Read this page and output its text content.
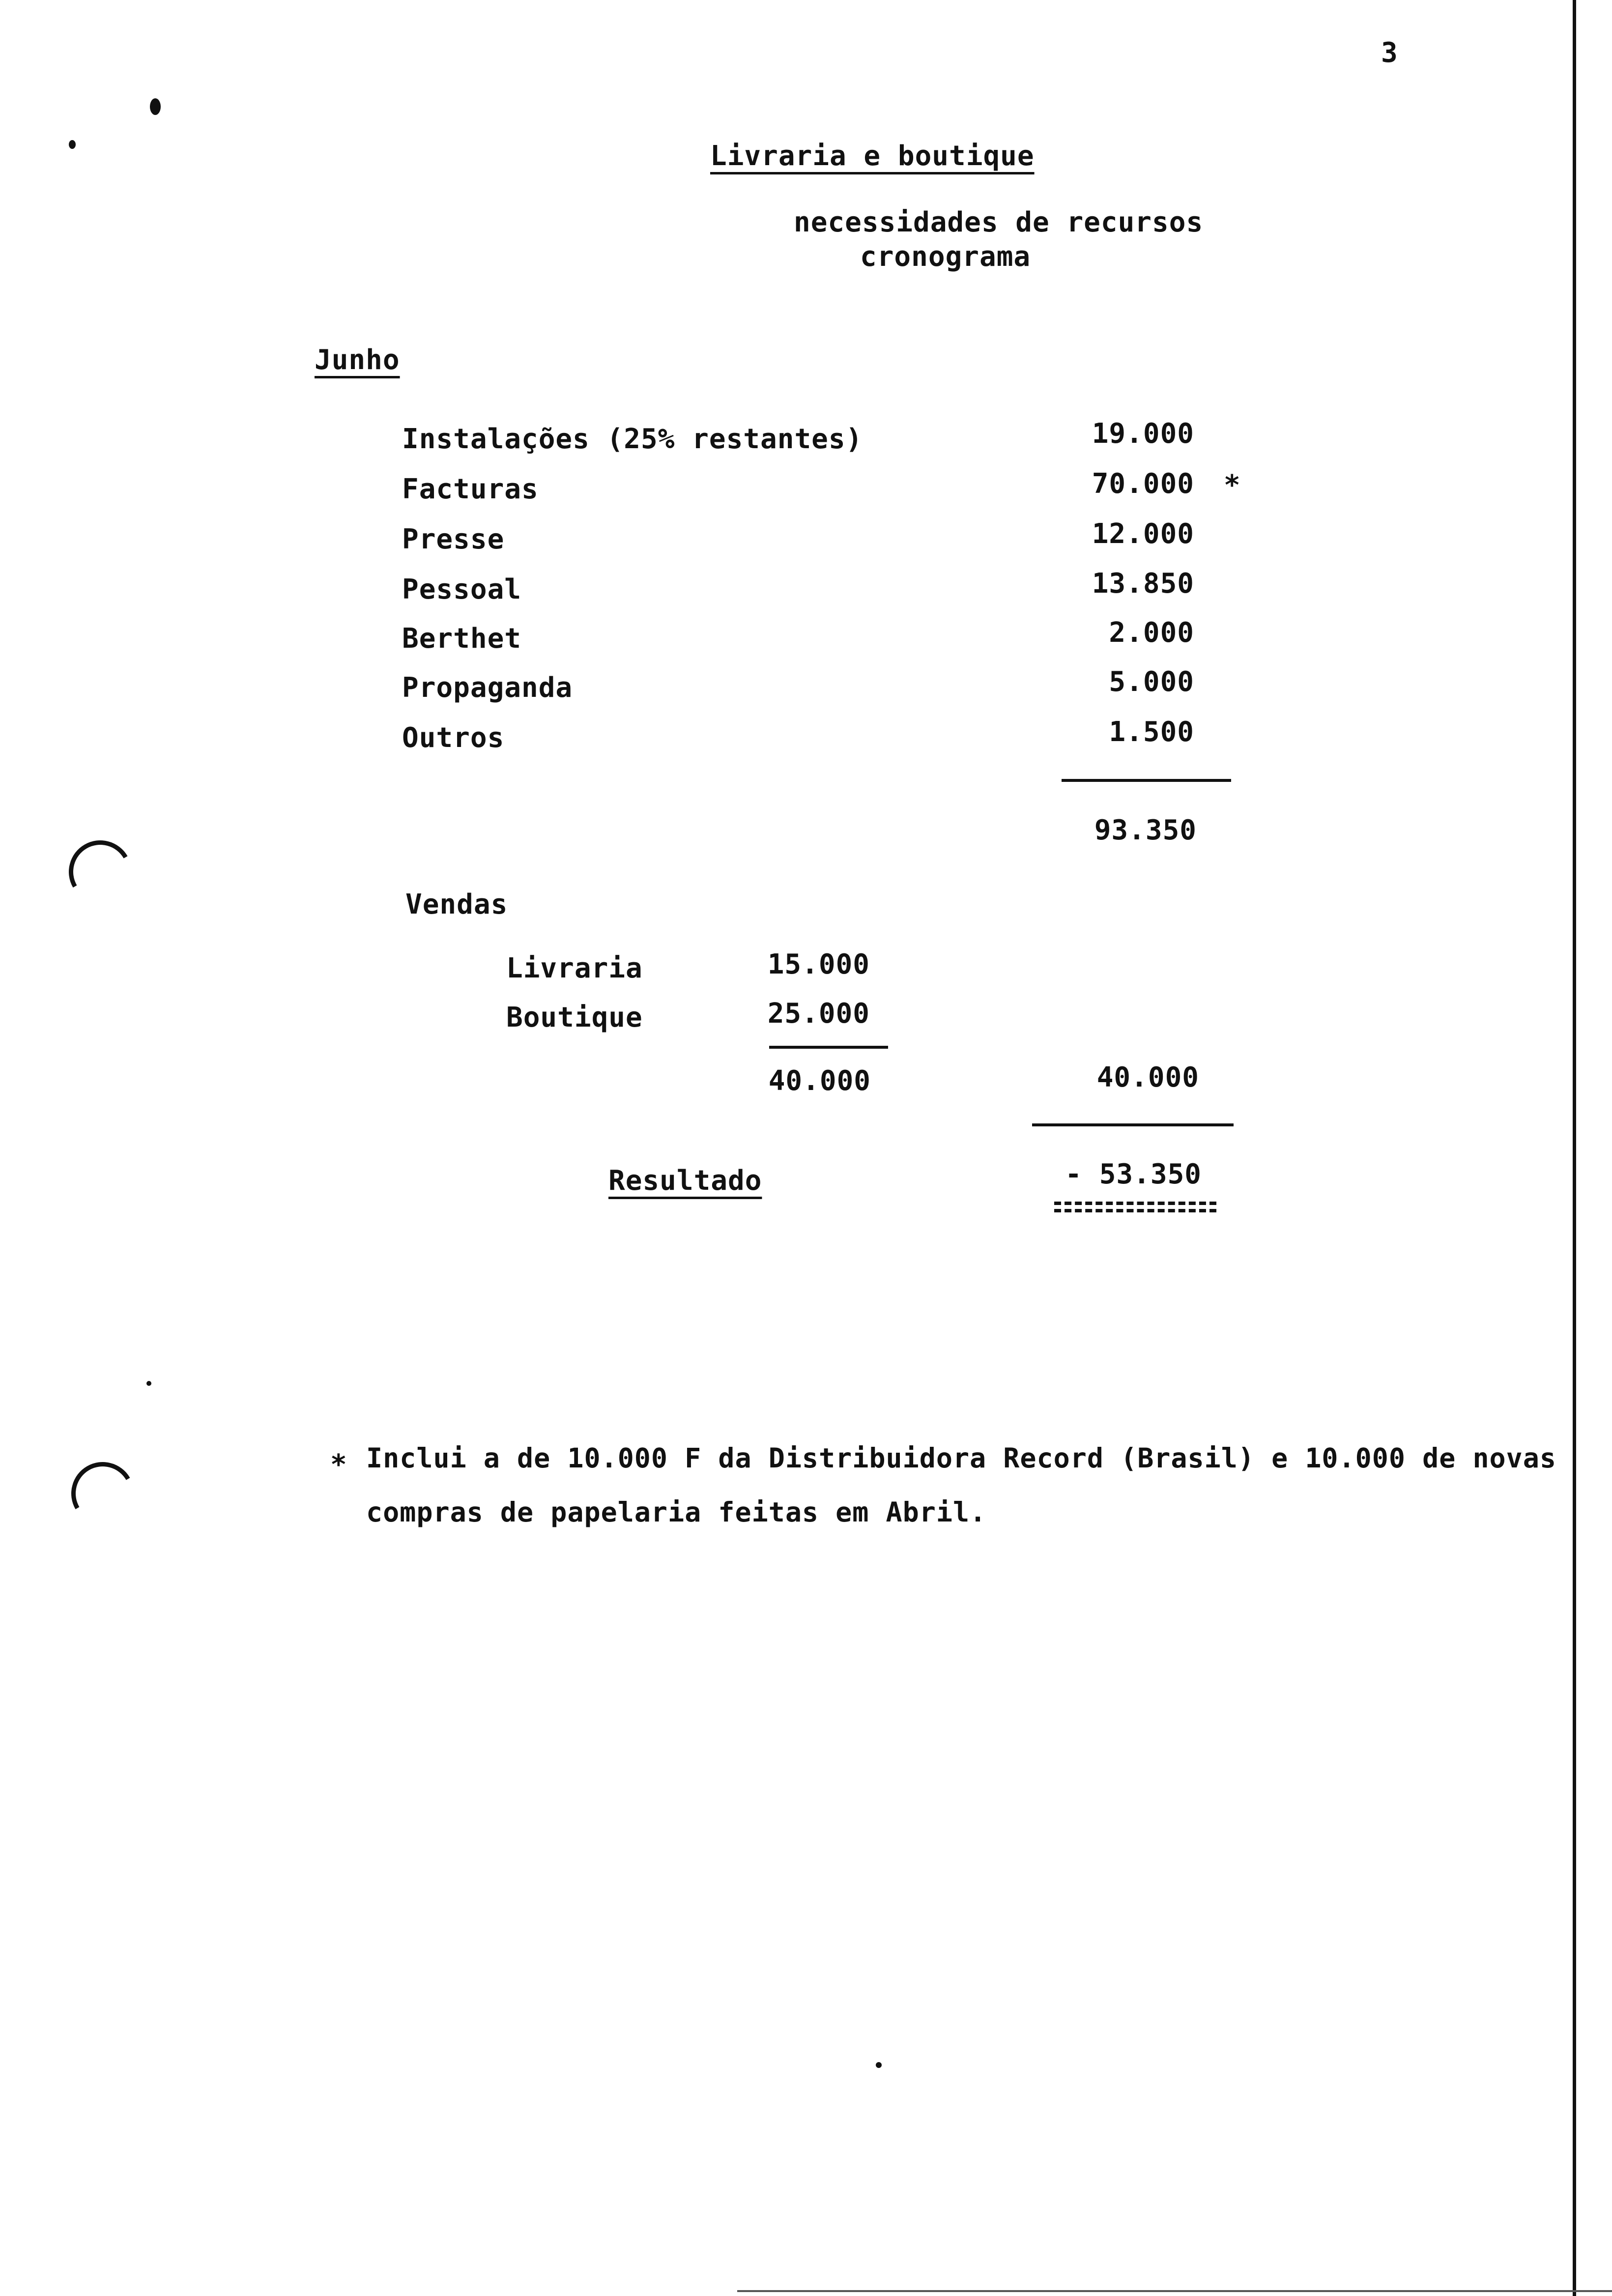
3
Livraria e boutique
necessidades de recursos
cronograma
Junho
Instalações (25% restantes)	19.000
Facturas	70.000 *
Presse	12.000
Pessoal	13.850
Berthet	2.000
Propaganda	5.000
Outros	1.500
93.350
Vendas
Livraria	15.000
Boutique	25.000
40.000	40.000
Resultado	- 53.350
* Inclui a de 10.000 F da Distribuidora Record (Brasil) e 10.000 de novas
compras de papelaria feitas em Abril.
